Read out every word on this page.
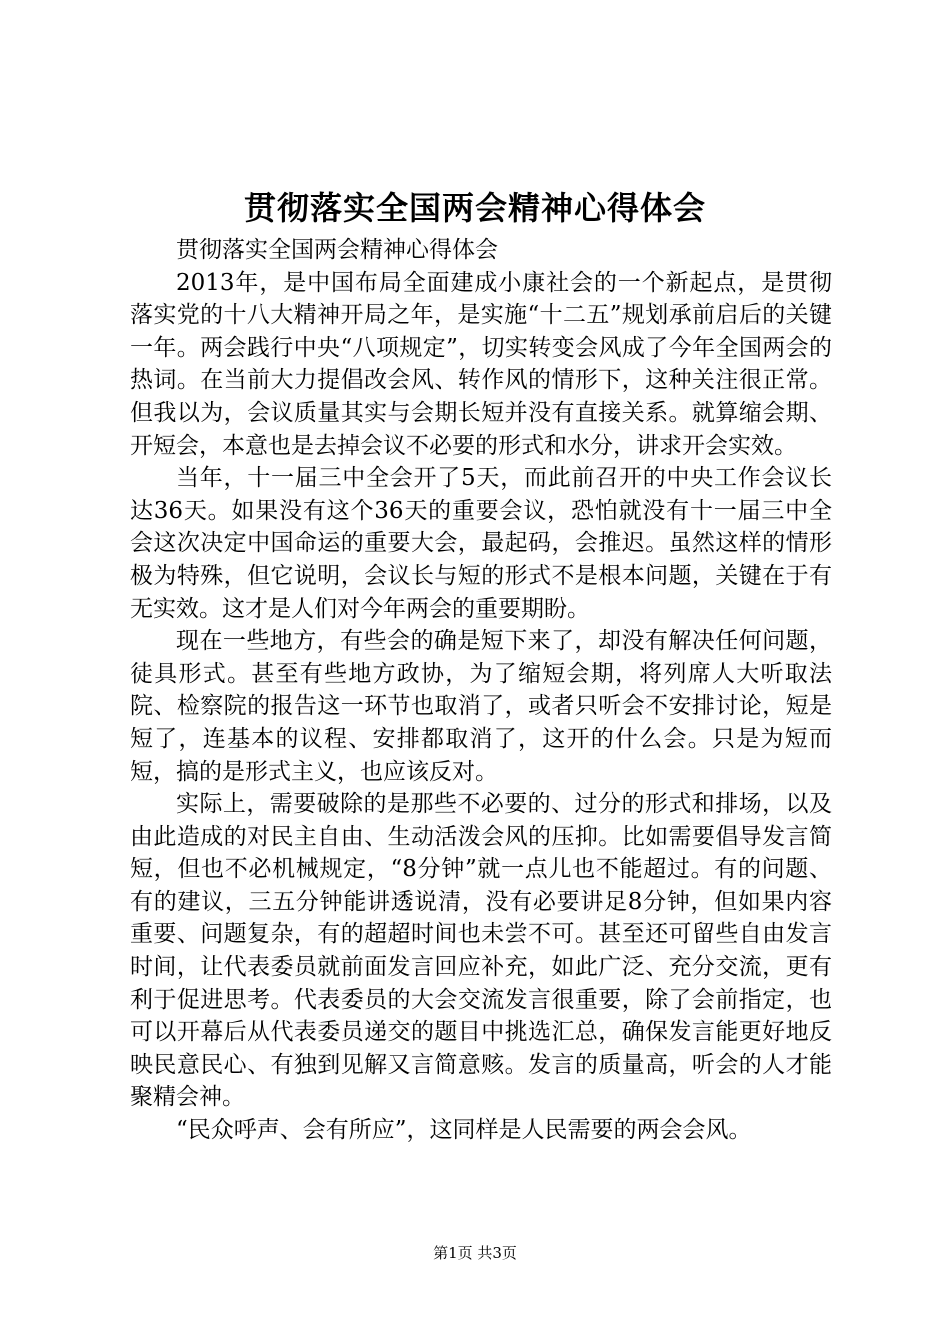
贯彻落实全国两会精神心得体会

贯彻落实全国两会精神心得体会

2013年，是中国布局全面建成小康社会的一个新起点，是贯彻落实党的十八大精神开局之年，是实施“十二五”规划承前启后的关键一年。两会践行中央“八项规定”，切实转变会风成了今年全国两会的热词。在当前大力提倡改会风、转作风的情形下，这种关注很正常。但我以为，会议质量其实与会期长短并没有直接关系。就算缩会期、开短会，本意也是去掉会议不必要的形式和水分，讲求开会实效。

当年，十一届三中全会开了5天，而此前召开的中央工作会议长达36天。如果没有这个36天的重要会议，恐怕就没有十一届三中全会这次决定中国命运的重要大会，最起码，会推迟。虽然这样的情形极为特殊，但它说明，会议长与短的形式不是根本问题，关键在于有无实效。这才是人们对今年两会的重要期盼。

现在一些地方，有些会的确是短下来了，却没有解决任何问题，徒具形式。甚至有些地方政协，为了缩短会期，将列席人大听取法院、检察院的报告这一环节也取消了，或者只听会不安排讨论，短是短了，连基本的议程、安排都取消了，这开的什么会。只是为短而短，搞的是形式主义，也应该反对。

实际上，需要破除的是那些不必要的、过分的形式和排场，以及由此造成的对民主自由、生动活泼会风的压抑。比如需要倡导发言简短，但也不必机械规定，“8分钟”就一点儿也不能超过。有的问题、有的建议，三五分钟能讲透说清，没有必要讲足8分钟，但如果内容重要、问题复杂，有的超超时间也未尝不可。甚至还可留些自由发言时间，让代表委员就前面发言回应补充，如此广泛、充分交流，更有利于促进思考。代表委员的大会交流发言很重要，除了会前指定，也可以开幕后从代表委员递交的题目中挑选汇总，确保发言能更好地反映民意民心、有独到见解又言简意赅。发言的质量高，听会的人才能聚精会神。

“民众呼声、会有所应”，这同样是人民需要的两会会风。

第1页 共3页
